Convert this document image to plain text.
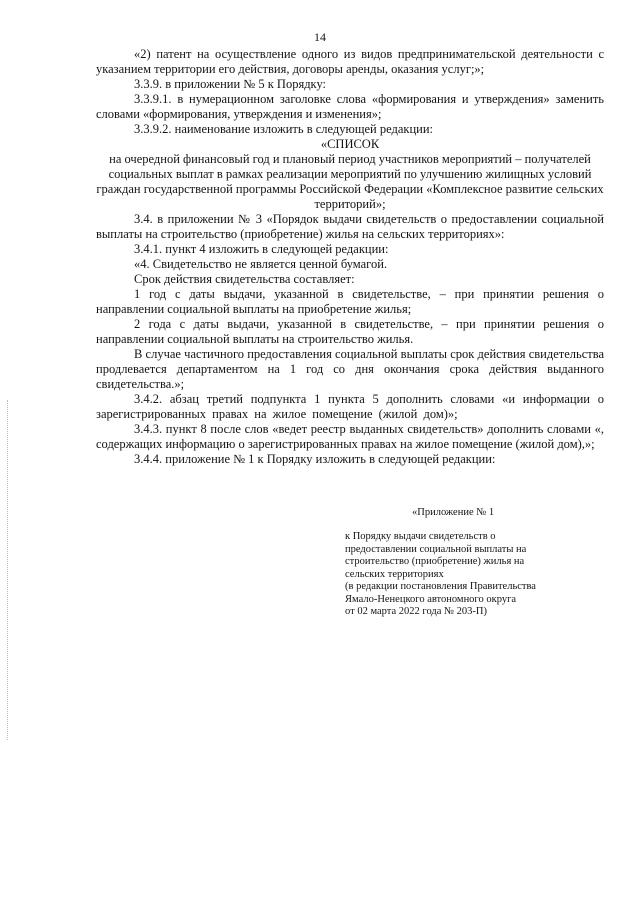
14

«2) патент на осуществление одного из видов предпринимательской деятельности с указанием территории его действия, договоры аренды, оказания услуг;»;

3.3.9. в приложении № 5 к Порядку:

3.3.9.1. в нумерационном заголовке слова «формирования и утверждения» заменить словами «формирования, утверждения и изменения»;

3.3.9.2. наименование изложить в следующей редакции:

«СПИСОК

на очередной финансовый год и плановый период участников мероприятий – получателей социальных выплат в рамках реализации мероприятий по улучшению жилищных условий граждан государственной программы Российской Федерации «Комплексное развитие сельских территорий»;

3.4. в приложении № 3 «Порядок выдачи свидетельств о предоставлении социальной выплаты на строительство (приобретение) жилья на сельских территориях»:

3.4.1. пункт 4 изложить в следующей редакции:

«4. Свидетельство не является ценной бумагой.

Срок действия свидетельства составляет:

1 год с даты выдачи, указанной в свидетельстве, – при принятии решения о направлении социальной выплаты на приобретение жилья;

2 года с даты выдачи, указанной в свидетельстве, – при принятии решения о направлении социальной выплаты на строительство жилья.

В случае частичного предоставления социальной выплаты срок действия свидетельства продлевается департаментом на 1 год со дня окончания срока действия выданного свидетельства.»;

3.4.2. абзац третий подпункта 1 пункта 5 дополнить словами «и информации о зарегистрированных правах на жилое помещение (жилой дом)»;

3.4.3. пункт 8 после слов «ведет реестр выданных свидетельств» дополнить словами «, содержащих информацию о зарегистрированных правах на жилое помещение (жилой дом),»;

3.4.4. приложение № 1 к Порядку изложить в следующей редакции:

«Приложение № 1
к Порядку выдачи свидетельств о
предоставлении социальной выплаты на
строительство (приобретение) жилья на
сельских территориях
(в редакции постановления Правительства
Ямало-Ненецкого автономного округа
от 02 марта 2022 года № 203-П)
